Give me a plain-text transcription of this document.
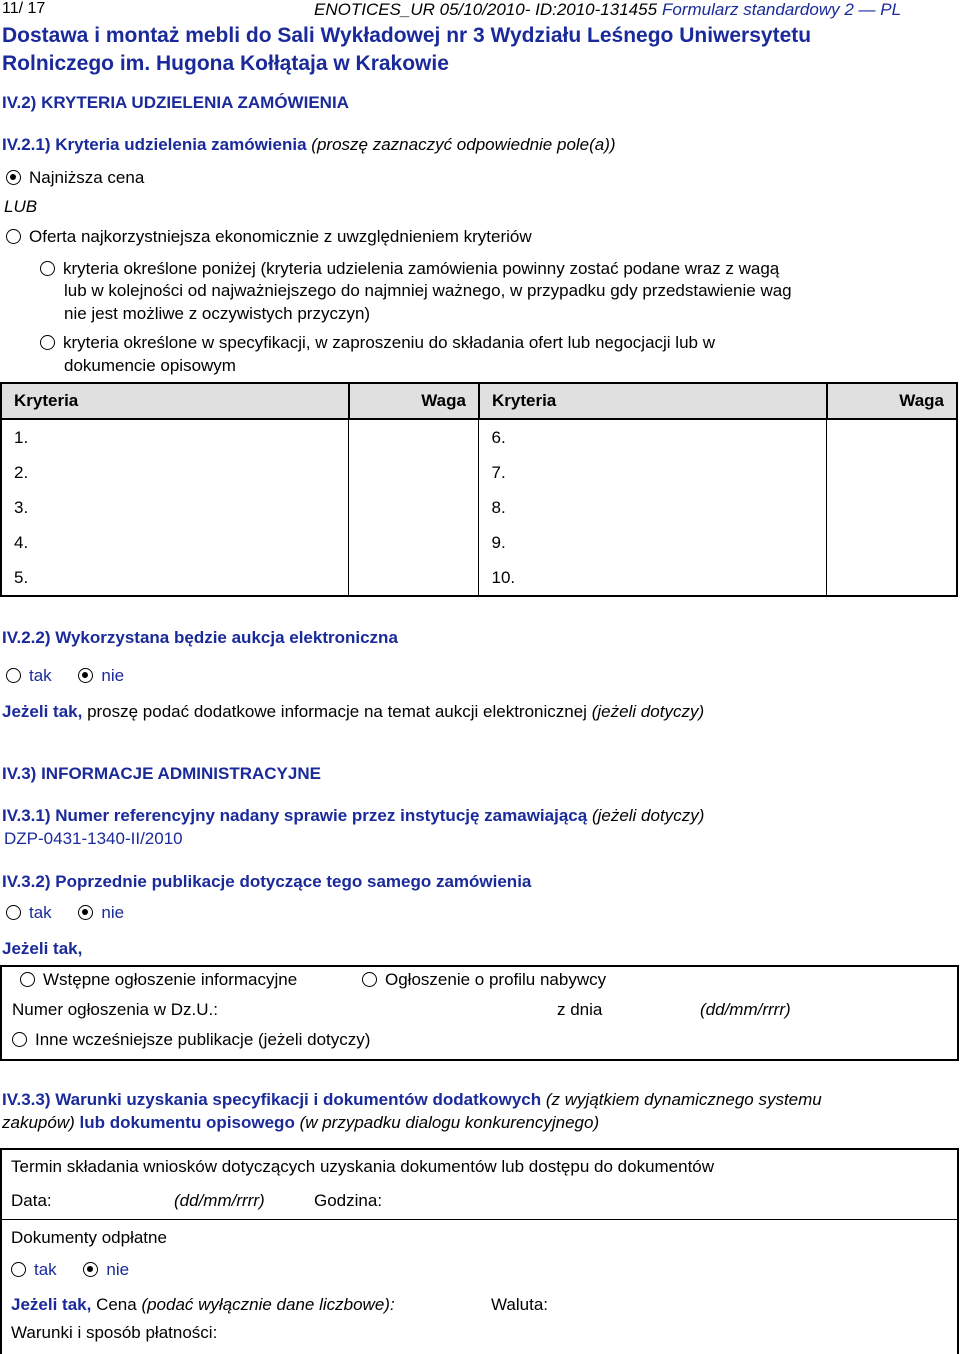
11/ 17	ENOTICES_UR 05/10/2010- ID:2010-131455 Formularz standardowy 2 — PL
Dostawa i montaż mebli do Sali Wykładowej nr 3 Wydziału Leśnego Uniwersytetu
Rolniczego im. Hugona Kołłątaja w Krakowie
IV.2) KRYTERIA UDZIELENIA ZAMÓWIENIA
IV.2.1) Kryteria udzielenia zamówienia (proszę zaznaczyć odpowiednie pole(a))
Najniższa cena
LUB
Oferta najkorzystniejsza ekonomicznie z uwzględnieniem kryteriów
kryteria określone poniżej (kryteria udzielenia zamówienia powinny zostać podane wraz z wagą
lub w kolejności od najważniejszego do najmniej ważnego, w przypadku gdy przedstawienie wag
nie jest możliwe z oczywistych przyczyn)
kryteria określone w specyfikacji, w zaproszeniu do składania ofert lub negocjacji lub w
dokumencie opisowym
Kryteria	Waga	Kryteria	Waga
1.		6.	
2.		7.	
3.		8.	
4.		9.	
5.		10.	
IV.2.2) Wykorzystana będzie aukcja elektroniczna
tak	nie
Jeżeli tak, proszę podać dodatkowe informacje na temat aukcji elektronicznej (jeżeli dotyczy)
IV.3) INFORMACJE ADMINISTRACYJNE
IV.3.1) Numer referencyjny nadany sprawie przez instytucję zamawiającą (jeżeli dotyczy)
DZP-0431-1340-II/2010
IV.3.2) Poprzednie publikacje dotyczące tego samego zamówienia
tak	nie
Jeżeli tak,
Wstępne ogłoszenie informacyjne	Ogłoszenie o profilu nabywcy
Numer ogłoszenia w Dz.U.:	z dnia	(dd/mm/rrrr)
Inne wcześniejsze publikacje (jeżeli dotyczy)
IV.3.3) Warunki uzyskania specyfikacji i dokumentów dodatkowych (z wyjątkiem dynamicznego systemu
zakupów) lub dokumentu opisowego (w przypadku dialogu konkurencyjnego)
Termin składania wniosków dotyczących uzyskania dokumentów lub dostępu do dokumentów
Data:	(dd/mm/rrrr)	Godzina:
Dokumenty odpłatne
tak	nie
Jeżeli tak, Cena (podać wyłącznie dane liczbowe):	Waluta:
Warunki i sposób płatności:
